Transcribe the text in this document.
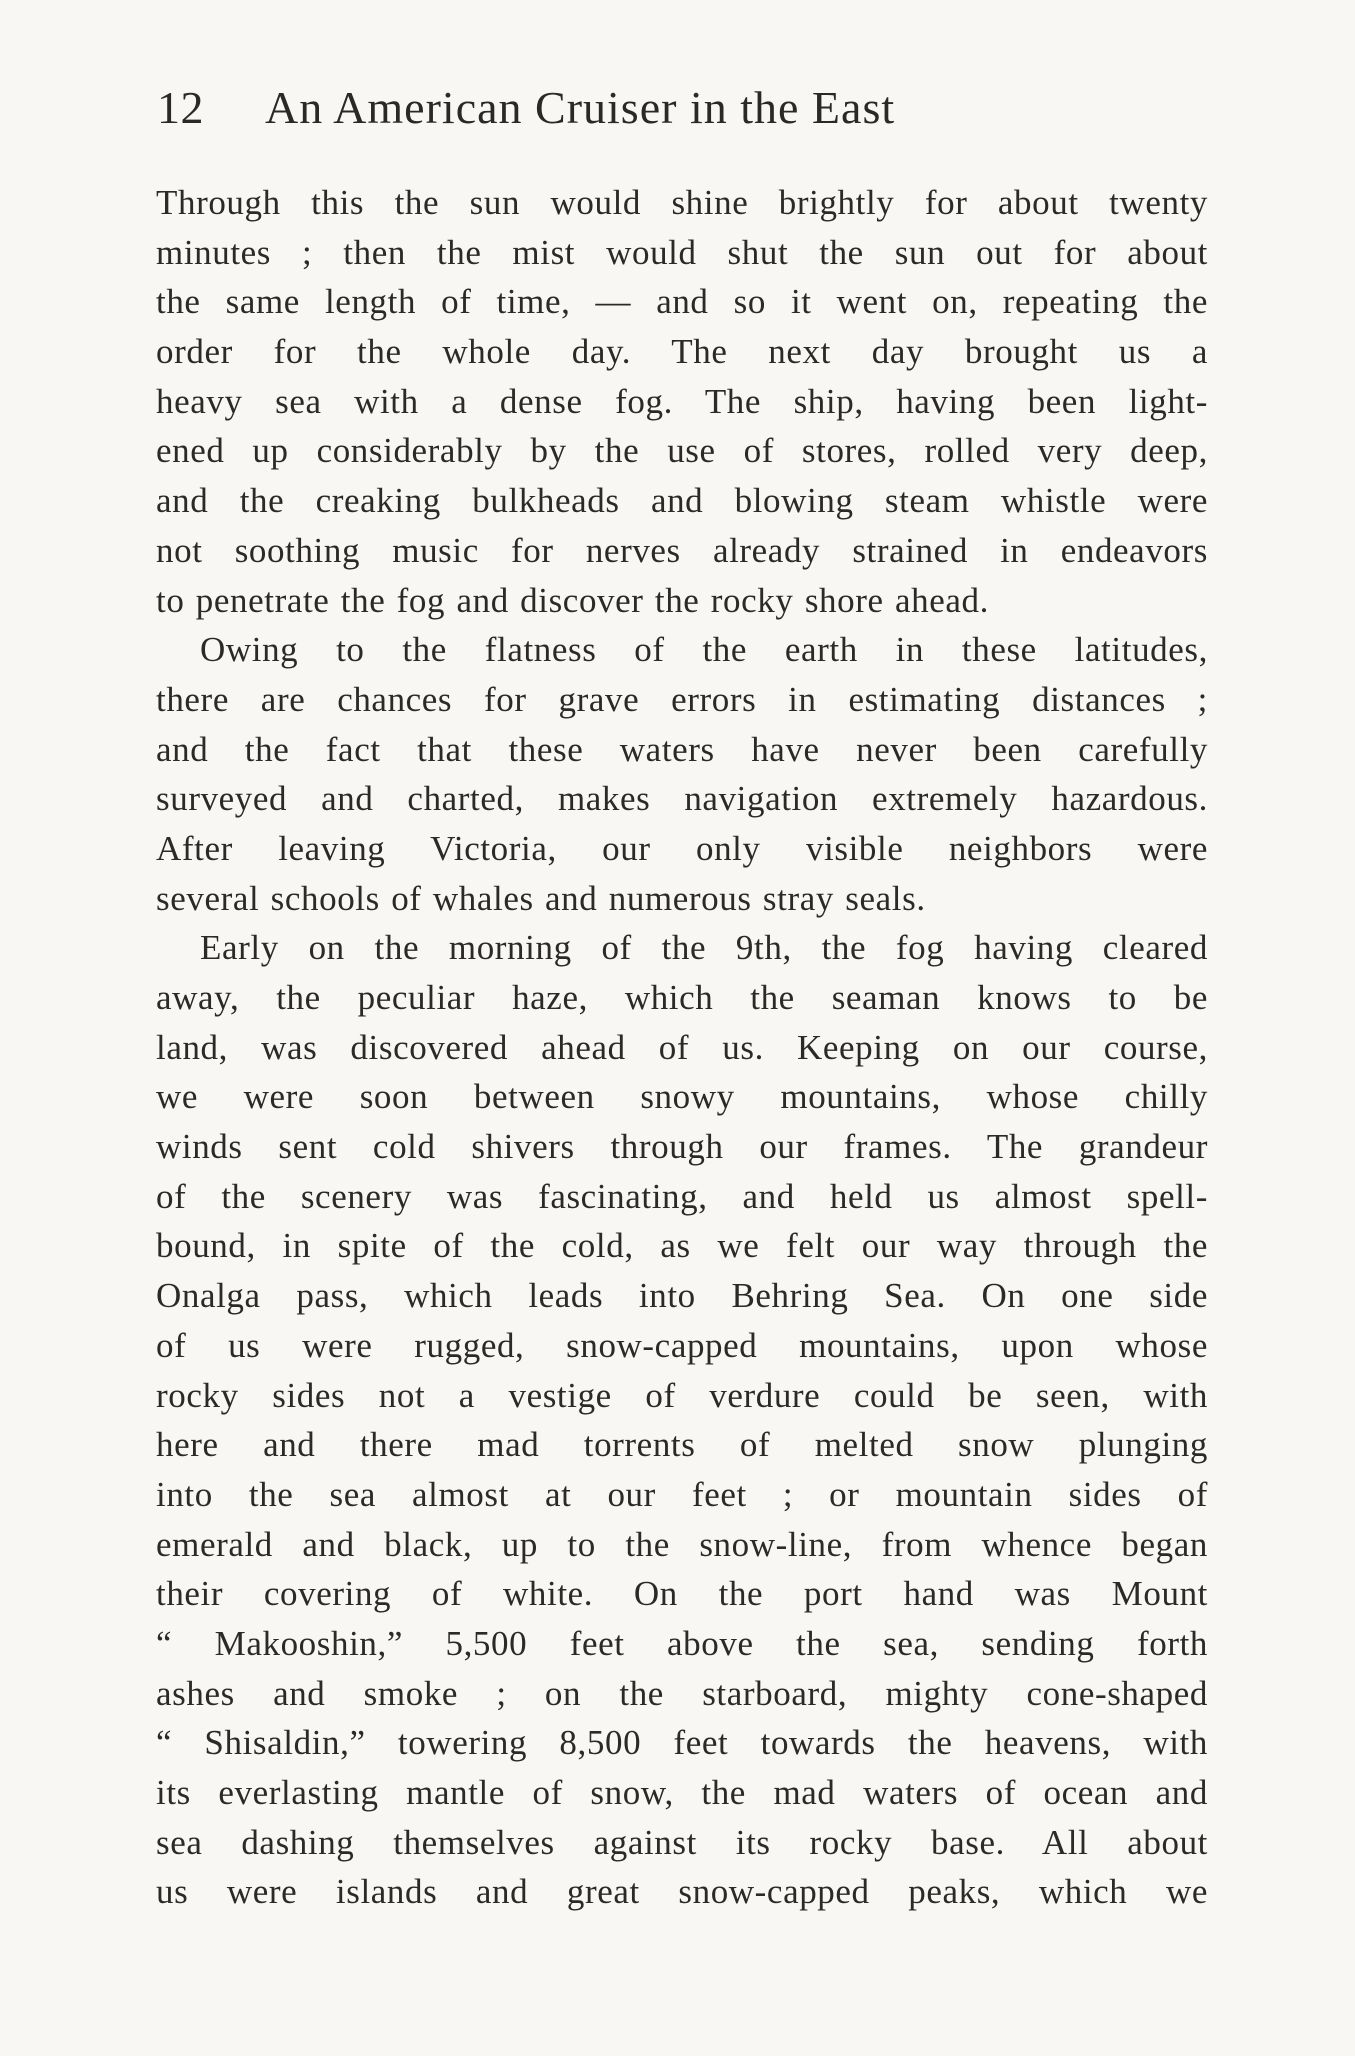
12 An American Cruiser in the East
Through this the sun would shine brightly for about twenty
minutes ; then the mist would shut the sun out for about
the same length of time, — and so it went on, repeating the
order for the whole day. The next day brought us a
heavy sea with a dense fog. The ship, having been light-
ened up considerably by the use of stores, rolled very deep,
and the creaking bulkheads and blowing steam whistle were
not soothing music for nerves already strained in endeavors
to penetrate the fog and discover the rocky shore ahead.
Owing to the flatness of the earth in these latitudes,
there are chances for grave errors in estimating distances ;
and the fact that these waters have never been carefully
surveyed and charted, makes navigation extremely hazardous.
After leaving Victoria, our only visible neighbors were
several schools of whales and numerous stray seals.
Early on the morning of the 9th, the fog having cleared
away, the peculiar haze, which the seaman knows to be
land, was discovered ahead of us. Keeping on our course,
we were soon between snowy mountains, whose chilly
winds sent cold shivers through our frames. The grandeur
of the scenery was fascinating, and held us almost spell-
bound, in spite of the cold, as we felt our way through the
Onalga pass, which leads into Behring Sea. On one side
of us were rugged, snow-capped mountains, upon whose
rocky sides not a vestige of verdure could be seen, with
here and there mad torrents of melted snow plunging
into the sea almost at our feet ; or mountain sides of
emerald and black, up to the snow-line, from whence began
their covering of white. On the port hand was Mount
“ Makooshin,” 5,500 feet above the sea, sending forth
ashes and smoke ; on the starboard, mighty cone-shaped
“ Shisaldin,” towering 8,500 feet towards the heavens, with
its everlasting mantle of snow, the mad waters of ocean and
sea dashing themselves against its rocky base. All about
us were islands and great snow-capped peaks, which we
